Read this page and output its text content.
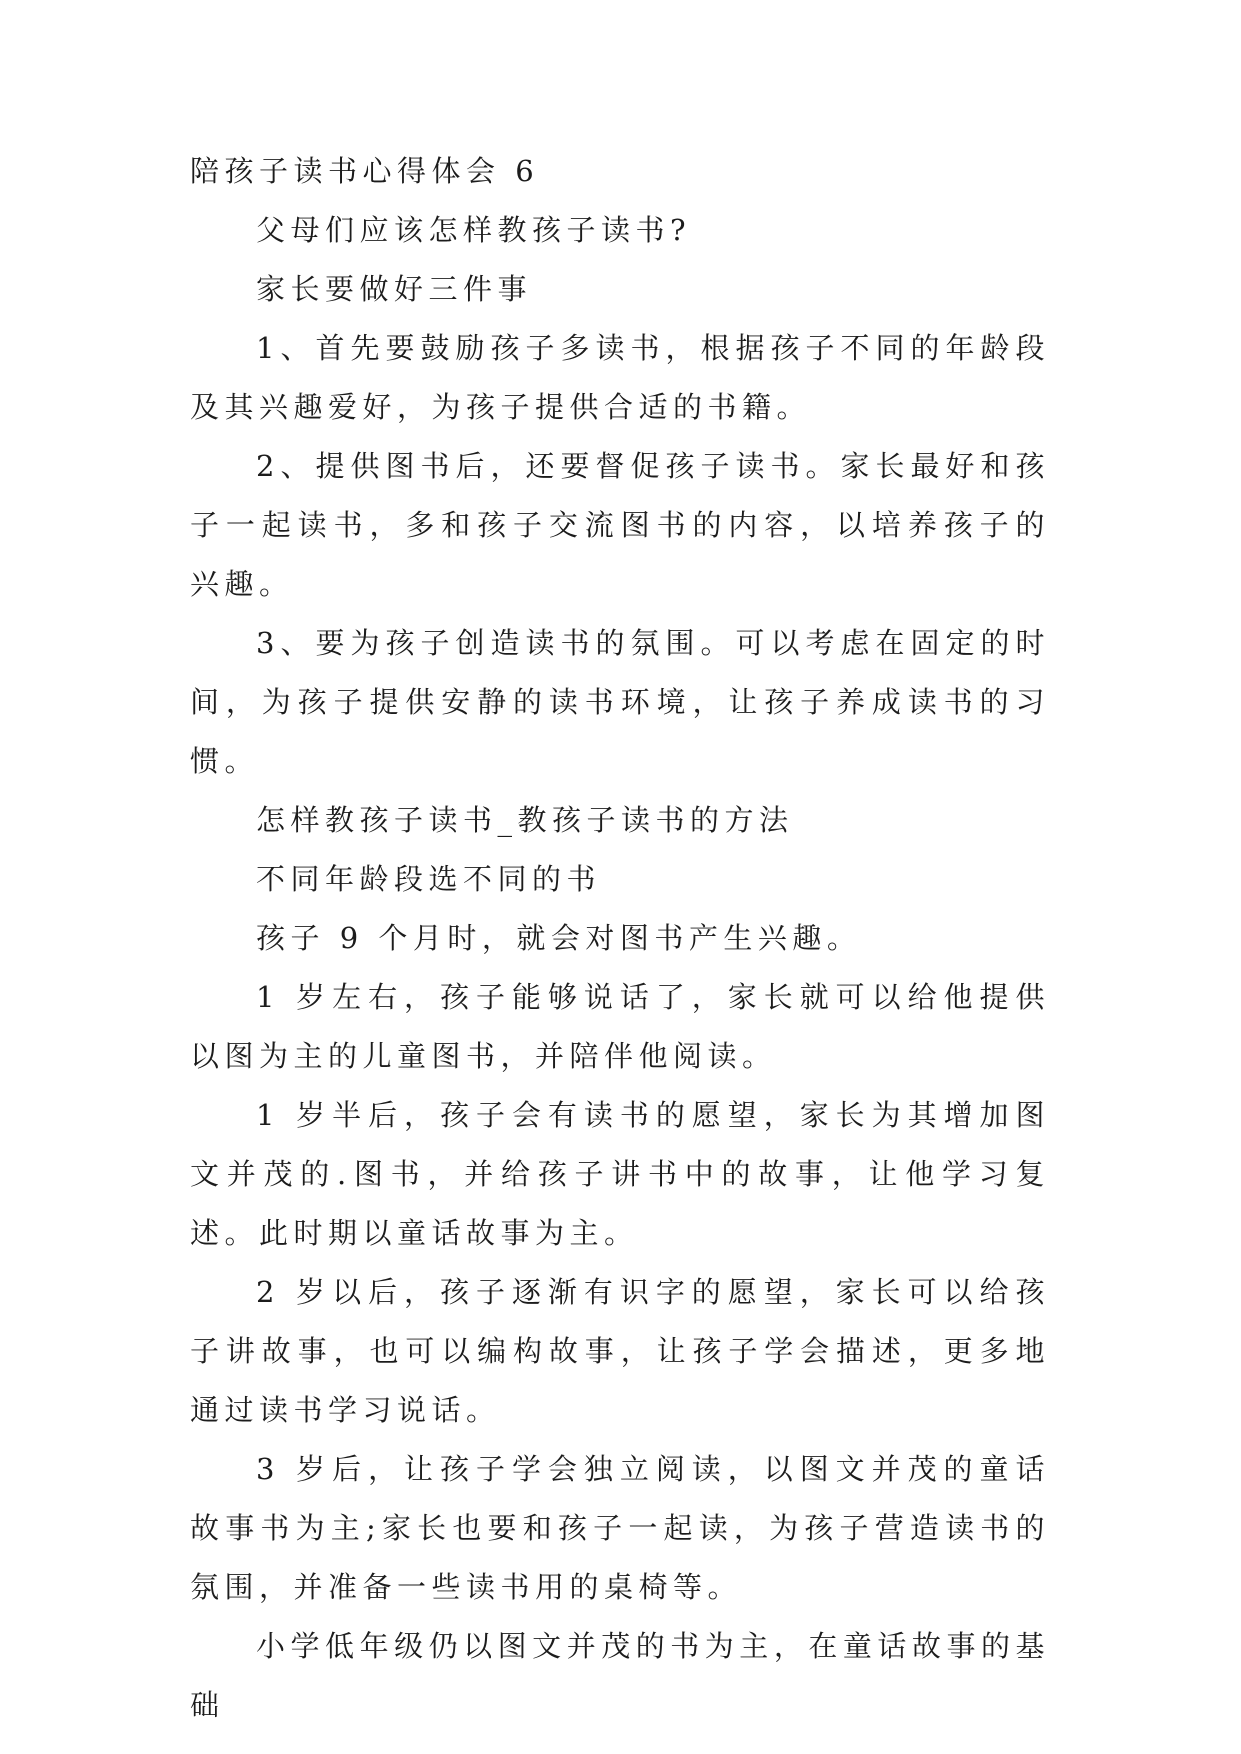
陪孩子读书心得体会 6

父母们应该怎样教孩子读书?

家长要做好三件事

1、首先要鼓励孩子多读书，根据孩子不同的年龄段及其兴趣爱好，为孩子提供合适的书籍。

2、提供图书后，还要督促孩子读书。家长最好和孩子一起读书，多和孩子交流图书的内容，以培养孩子的兴趣。

3、要为孩子创造读书的氛围。可以考虑在固定的时间，为孩子提供安静的读书环境，让孩子养成读书的习惯。

怎样教孩子读书_教孩子读书的方法

不同年龄段选不同的书

孩子 9 个月时，就会对图书产生兴趣。

1 岁左右，孩子能够说话了，家长就可以给他提供以图为主的儿童图书，并陪伴他阅读。

1 岁半后，孩子会有读书的愿望，家长为其增加图文并茂的.图书，并给孩子讲书中的故事，让他学习复述。此时期以童话故事为主。

2 岁以后，孩子逐渐有识字的愿望，家长可以给孩子讲故事，也可以编构故事，让孩子学会描述，更多地通过读书学习说话。

3 岁后，让孩子学会独立阅读，以图文并茂的童话故事书为主;家长也要和孩子一起读，为孩子营造读书的氛围，并准备一些读书用的桌椅等。

小学低年级仍以图文并茂的书为主，在童话故事的基础
